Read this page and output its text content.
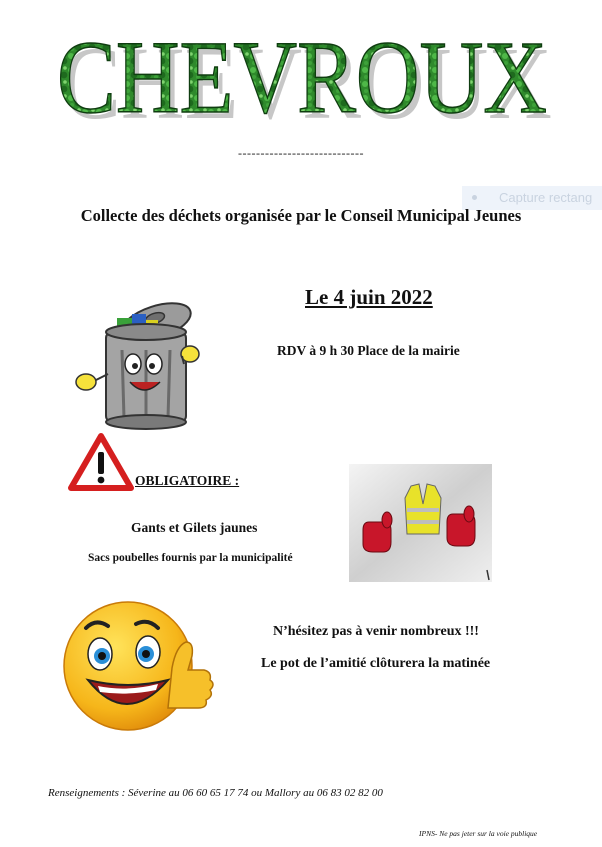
CHEVROUX
CHEVROUX
----------------------------
Capture rectang
Collecte des déchets organisée par le Conseil Municipal Jeunes
Le 4 juin 2022
RDV à 9 h 30 Place de la mairie
OBLIGATOIRE :
Gants et Gilets jaunes
Sacs poubelles fournis par la municipalité
N’hésitez pas à venir nombreux !!!
Le pot de l’amitié clôturera la matinée
Renseignements : Séverine au 06 60 65 17 74 ou Mallory au 06 83 02 82 00
IPNS- Ne pas jeter sur la voie publique
